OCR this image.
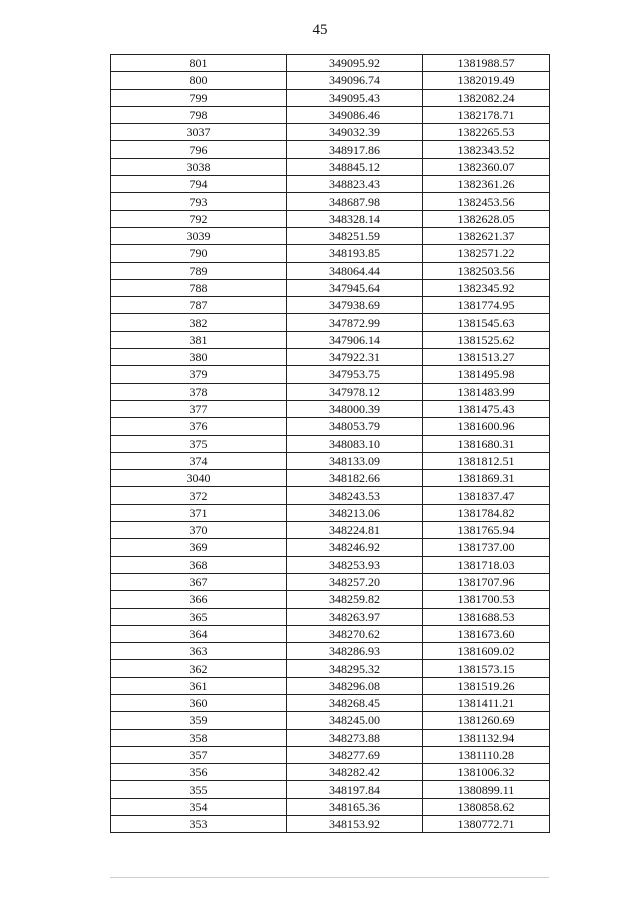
45
801	349095.92	1381988.57
800	349096.74	1382019.49
799	349095.43	1382082.24
798	349086.46	1382178.71
3037	349032.39	1382265.53
796	348917.86	1382343.52
3038	348845.12	1382360.07
794	348823.43	1382361.26
793	348687.98	1382453.56
792	348328.14	1382628.05
3039	348251.59	1382621.37
790	348193.85	1382571.22
789	348064.44	1382503.56
788	347945.64	1382345.92
787	347938.69	1381774.95
382	347872.99	1381545.63
381	347906.14	1381525.62
380	347922.31	1381513.27
379	347953.75	1381495.98
378	347978.12	1381483.99
377	348000.39	1381475.43
376	348053.79	1381600.96
375	348083.10	1381680.31
374	348133.09	1381812.51
3040	348182.66	1381869.31
372	348243.53	1381837.47
371	348213.06	1381784.82
370	348224.81	1381765.94
369	348246.92	1381737.00
368	348253.93	1381718.03
367	348257.20	1381707.96
366	348259.82	1381700.53
365	348263.97	1381688.53
364	348270.62	1381673.60
363	348286.93	1381609.02
362	348295.32	1381573.15
361	348296.08	1381519.26
360	348268.45	1381411.21
359	348245.00	1381260.69
358	348273.88	1381132.94
357	348277.69	1381110.28
356	348282.42	1381006.32
355	348197.84	1380899.11
354	348165.36	1380858.62
353	348153.92	1380772.71
